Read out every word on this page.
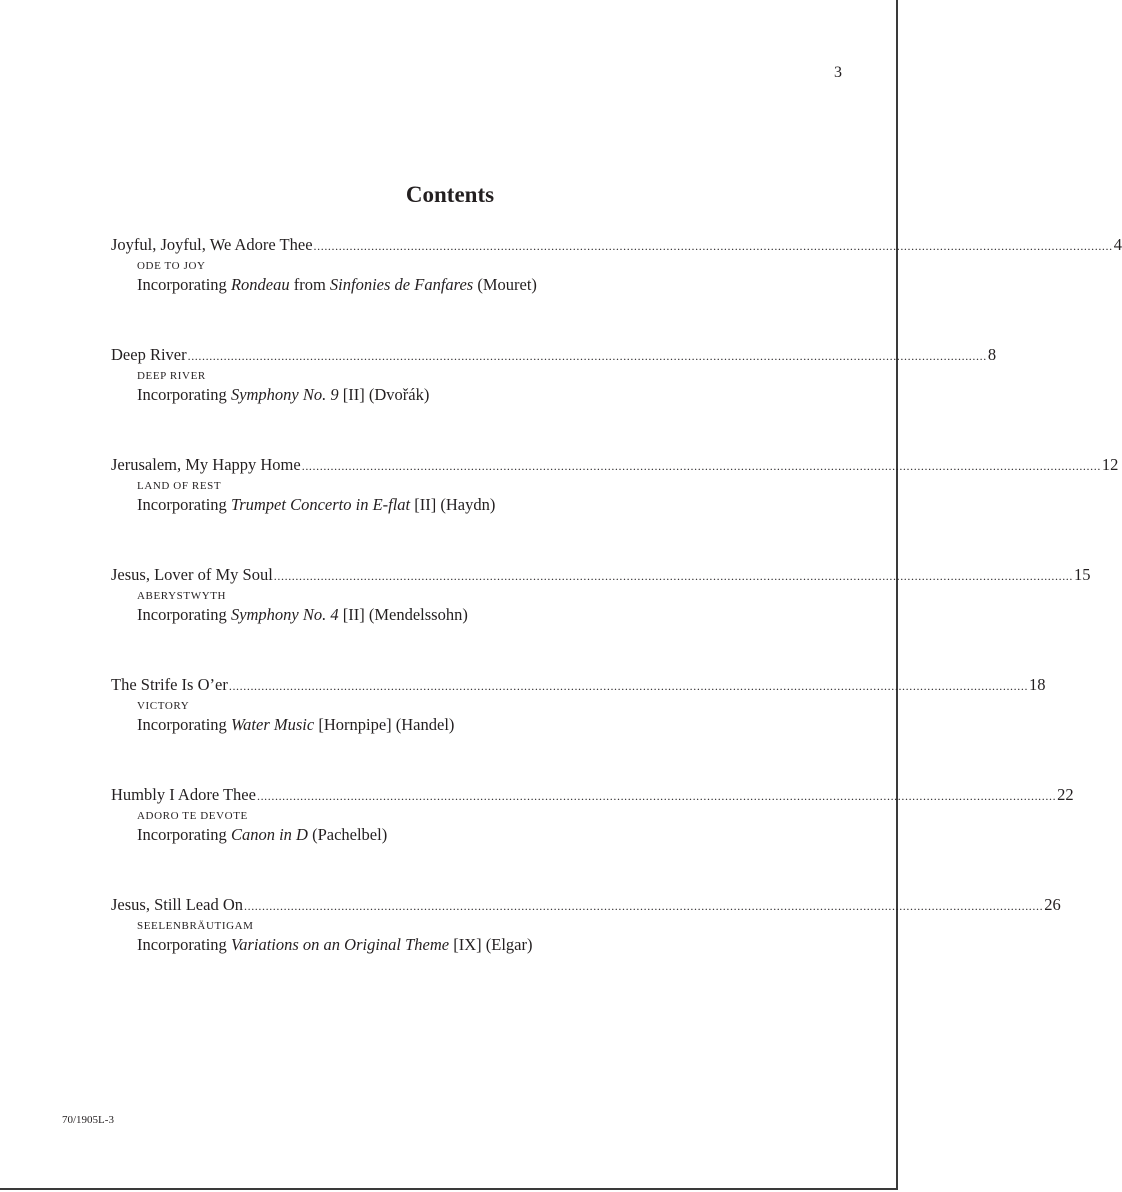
3
Contents
Joyful, Joyful, We Adore Thee .............................................................................................................................................................................................................................. 4
ODE TO JOY
Incorporating Rondeau from Sinfonies de Fanfares (Mouret)
Deep River .............................................................................................................................................................................................................................. 8
DEEP RIVER
Incorporating Symphony No. 9 [II] (Dvořák)
Jerusalem, My Happy Home .............................................................................................................................................................................................................................. 12
LAND OF REST
Incorporating Trumpet Concerto in E-flat [II] (Haydn)
Jesus, Lover of My Soul .............................................................................................................................................................................................................................. 15
ABERYSTWYTH
Incorporating Symphony No. 4 [II] (Mendelssohn)
The Strife Is O’er .............................................................................................................................................................................................................................. 18
VICTORY
Incorporating Water Music [Hornpipe] (Handel)
Humbly I Adore Thee .............................................................................................................................................................................................................................. 22
ADORO TE DEVOTE
Incorporating Canon in D (Pachelbel)
Jesus, Still Lead On .............................................................................................................................................................................................................................. 26
SEELENBRÄUTIGAM
Incorporating Variations on an Original Theme [IX] (Elgar)
70/1905L-3
